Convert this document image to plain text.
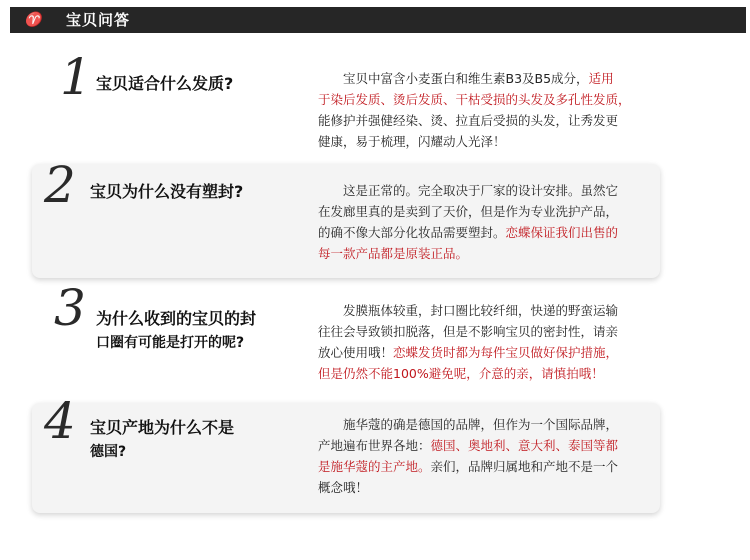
♈ 宝贝问答
1 宝贝适合什么发质?	　　宝贝中富含小麦蛋白和维生素B3及B5成分，适用
于染后发质、烫后发质、干枯受损的头发及多孔性发质，
能修护并强健经染、烫、拉直后受损的头发，让秀发更
健康，易于梳理，闪耀动人光泽！
2 宝贝为什么没有塑封?	　　这是正常的。完全取决于厂家的设计安排。虽然它
在发廊里真的是卖到了天价，但是作为专业洗护产品，
的确不像大部分化妆品需要塑封。恋蝶保证我们出售的
每一款产品都是原装正品。
3 为什么收到的宝贝的封
口圈有可能是打开的呢?
　　发膜瓶体较重，封口圈比较纤细，快递的野蛮运输
往往会导致锁扣脱落，但是不影响宝贝的密封性，请亲
放心使用哦！恋蝶发货时都为每件宝贝做好保护措施，
但是仍然不能100%避免呢，介意的亲，请慎拍哦！
4 宝贝产地为什么不是
德国?
　　施华蔻的确是德国的品牌，但作为一个国际品牌，
产地遍布世界各地：德国、奥地利、意大利、泰国等都
是施华蔻的主产地。亲们，品牌归属地和产地不是一个
概念哦！
